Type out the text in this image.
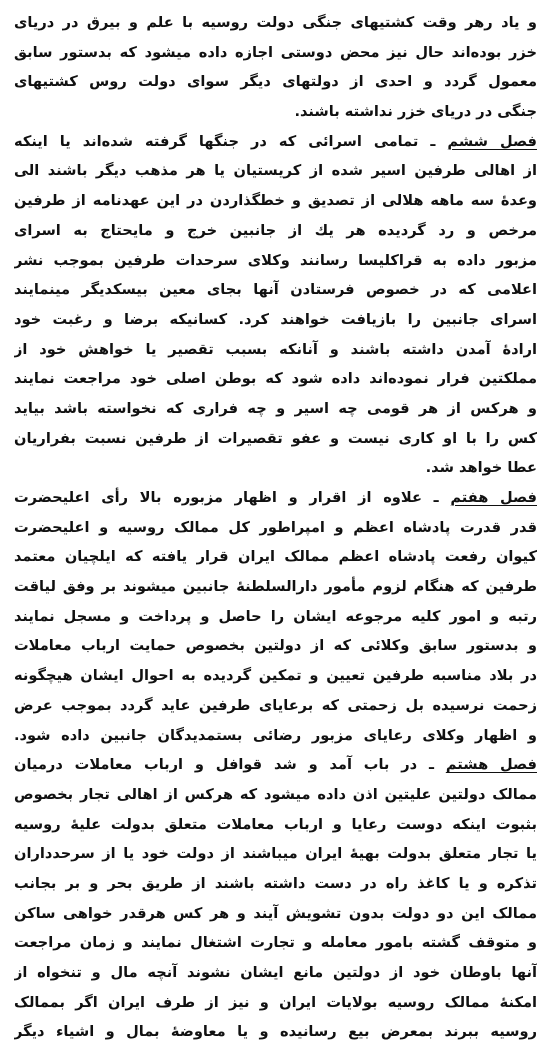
و یاد رهر وقت کشتیهای جنگی دولت روسیه با علم و بیرق در دریای
خزر بوده‌اند حال نیز محض دوستی اجازه داده میشود که بدستور سابق
معمول گردد و احدی از دولتهای دیگر سوای دولت روس کشتیهای
جنگی در دریای خزر نداشته باشند.
فصل ششم ـ تمامی اسرائی که در جنگها گرفته شده‌اند یا اینکه
از اهالی طرفین اسیر شده از کریستیان یا هر مذهب دیگر باشند الی
وعدهٔ سه ماهه هلالی از تصدیق و خطگذاردن در این عهدنامه از طرفین
مرخص و رد گردیده هر یك از جانبین خرج و مایحتاج به اسرای
مزبور داده به قراکلیسا رسانند وکلای سرحدات طرفین بموجب نشر
اعلامی که در خصوص فرستادن آنها بجای معین بیسکدیگر مینمایند
اسرای جانبین را بازیافت خواهند کرد. کسانیکه برضا و رغبت خود
ارادهٔ آمدن داشته باشند و آنانکه بسبب تقصیر یا خواهش خود از
مملکتین فرار نموده‌اند داده شود که بوطن اصلی خود مراجعت نمایند
و هرکس از هر قومی چه اسیر و چه فراری که نخواسته باشد بیاید
کس را با او کاری نیست و عفو تقصیرات از طرفین نسبت بفراریان
عطا خواهد شد.
فصل هفتم ـ علاوه از اقرار و اظهار مزبوره بالا رأی اعلیحضرت
قدر قدرت پادشاه اعظم و امپراطور کل ممالک روسیه و اعلیحضرت
کیوان رفعت پادشاه اعظم ممالک ایران قرار یافته که ایلچیان معتمد
طرفین که هنگام لزوم مأمور دارالسلطنهٔ جانبین میشوند بر وفق لیاقت
رتبه و امور کلیه مرجوعه ایشان را حاصل و پرداخت و مسجل نمایند
و بدستور سابق وکلائی که از دولتین بخصوص حمایت ارباب معاملات
در بلاد مناسبه طرفین تعیین و تمکین گردیده به احوال ایشان هیچگونه
زحمت نرسیده بل زحمتی که برعایای طرفین عاید گردد بموجب عرض
و اظهار وکلای رعایای مزبور رضائی بستمدیدگان جانبین داده شود.
فصل هشتم ـ در باب آمد و شد قوافل و ارباب معاملات درمیان
ممالک دولتین علیتین اذن داده میشود که هرکس از اهالی تجار بخصوص
بثبوت اینکه دوست رعایا و ارباب معاملات متعلق بدولت علیهٔ روسیه
یا تجار متعلق بدولت بهیهٔ ایران میباشند از دولت خود یا از سرحدداران
تذکره و یا کاغذ راه در دست داشته باشند از طریق بحر و بر بجانب
ممالک این دو دولت بدون تشویش آیند و هر کس هرقدر خواهی ساکن
و متوقف گشته بامور معامله و تجارت اشتغال نمایند و زمان مراجعت
آنها باوطان خود از دولتین مانع ایشان نشوند آنچه مال و تنخواه از
امکنهٔ ممالک روسیه بولایات ایران و نیز از طرف ایران اگر بممالک
روسیه ببرند بمعرض بیع رسانیده و یا معاوضهٔ بمال و اشیاء دیگر
